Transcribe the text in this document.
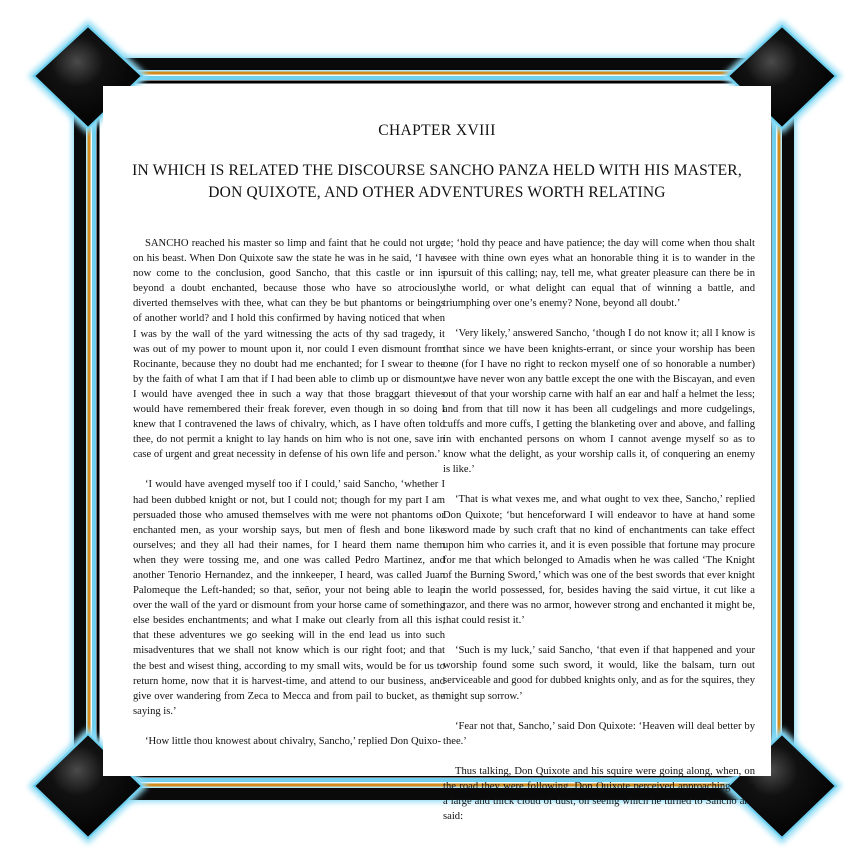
CHAPTER XVIII
IN WHICH IS RELATED THE DISCOURSE SANCHO PANZA HELD WITH HIS MASTER, DON QUIXOTE, AND OTHER ADVENTURES WORTH RELATING

SANCHO reached his master so limp and faint that he could not urge on his beast. When Don Quixote saw the state he was in he said, ‘I have now come to the conclusion, good Sancho, that this castle or inn is beyond a doubt enchanted, because those who have so atrociously diverted themselves with thee, what can they be but phantoms or beings of another world? and I hold this confirmed by having noticed that when I was by the wall of the yard witnessing the acts of thy sad tragedy, it was out of my power to mount upon it, nor could I even dismount from Rocinante, because they no doubt had me enchanted; for I swear to thee by the faith of what I am that if I had been able to climb up or dismount, I would have avenged thee in such a way that those braggart thieves would have remembered their freak forever, even though in so doing I knew that I contravened the laws of chivalry, which, as I have often told thee, do not permit a knight to lay hands on him who is not one, save in case of urgent and great necessity in defense of his own life and person.’

‘I would have avenged myself too if I could,’ said Sancho, ‘whether I had been dubbed knight or not, but I could not; though for my part I am persuaded those who amused themselves with me were not phantoms or enchanted men, as your worship says, but men of flesh and bone like ourselves; and they all had their names, for I heard them name them when they were tossing me, and one was called Pedro Martinez, and another Tenorio Hernandez, and the innkeeper, I heard, was called Juan Palomeque the Left-handed; so that, señor, your not being able to leap over the wall of the yard or dismount from your horse came of something else besides enchantments; and what I make out clearly from all this is, that these adventures we go seeking will in the end lead us into such misadventures that we shall not know which is our right foot; and that the best and wisest thing, according to my small wits, would be for us to return home, now that it is harvest-time, and attend to our business, and give over wandering from Zeca to Mecca and from pail to bucket, as the saying is.’

‘How little thou knowest about chivalry, Sancho,’ replied Don Quixo-

te; ‘hold thy peace and have patience; the day will come when thou shalt see with thine own eyes what an honorable thing it is to wander in the pursuit of this calling; nay, tell me, what greater pleasure can there be in the world, or what delight can equal that of winning a battle, and triumphing over one’s enemy? None, beyond all doubt.’

‘Very likely,’ answered Sancho, ‘though I do not know it; all I know is that since we have been knights-errant, or since your worship has been one (for I have no right to reckon myself one of so honorable a number) we have never won any battle except the one with the Biscayan, and even out of that your worship carne with half an ear and half a helmet the less; and from that till now it has been all cudgelings and more cudgelings, cuffs and more cuffs, I getting the blanketing over and above, and falling in with enchanted persons on whom I cannot avenge myself so as to know what the delight, as your worship calls it, of conquering an enemy is like.’

‘That is what vexes me, and what ought to vex thee, Sancho,’ replied Don Quixote; ‘but henceforward I will endeavor to have at hand some sword made by such craft that no kind of enchantments can take effect upon him who carries it, and it is even possible that fortune may procure for me that which belonged to Amadis when he was called ‘The Knight of the Burning Sword,’ which was one of the best swords that ever knight in the world possessed, for, besides having the said virtue, it cut like a razor, and there was no armor, however strong and enchanted it might be, that could resist it.’

‘Such is my luck,’ said Sancho, ‘that even if that happened and your worship found some such sword, it would, like the balsam, turn out serviceable and good for dubbed knights only, and as for the squires, they might sup sorrow.’

‘Fear not that, Sancho,’ said Don Quixote: ‘Heaven will deal better by thee.’

Thus talking, Don Quixote and his squire were going along, when, on the road they were following, Don Quixote perceived approaching them a large and thick cloud of dust, on seeing which he turned to Sancho and said:
